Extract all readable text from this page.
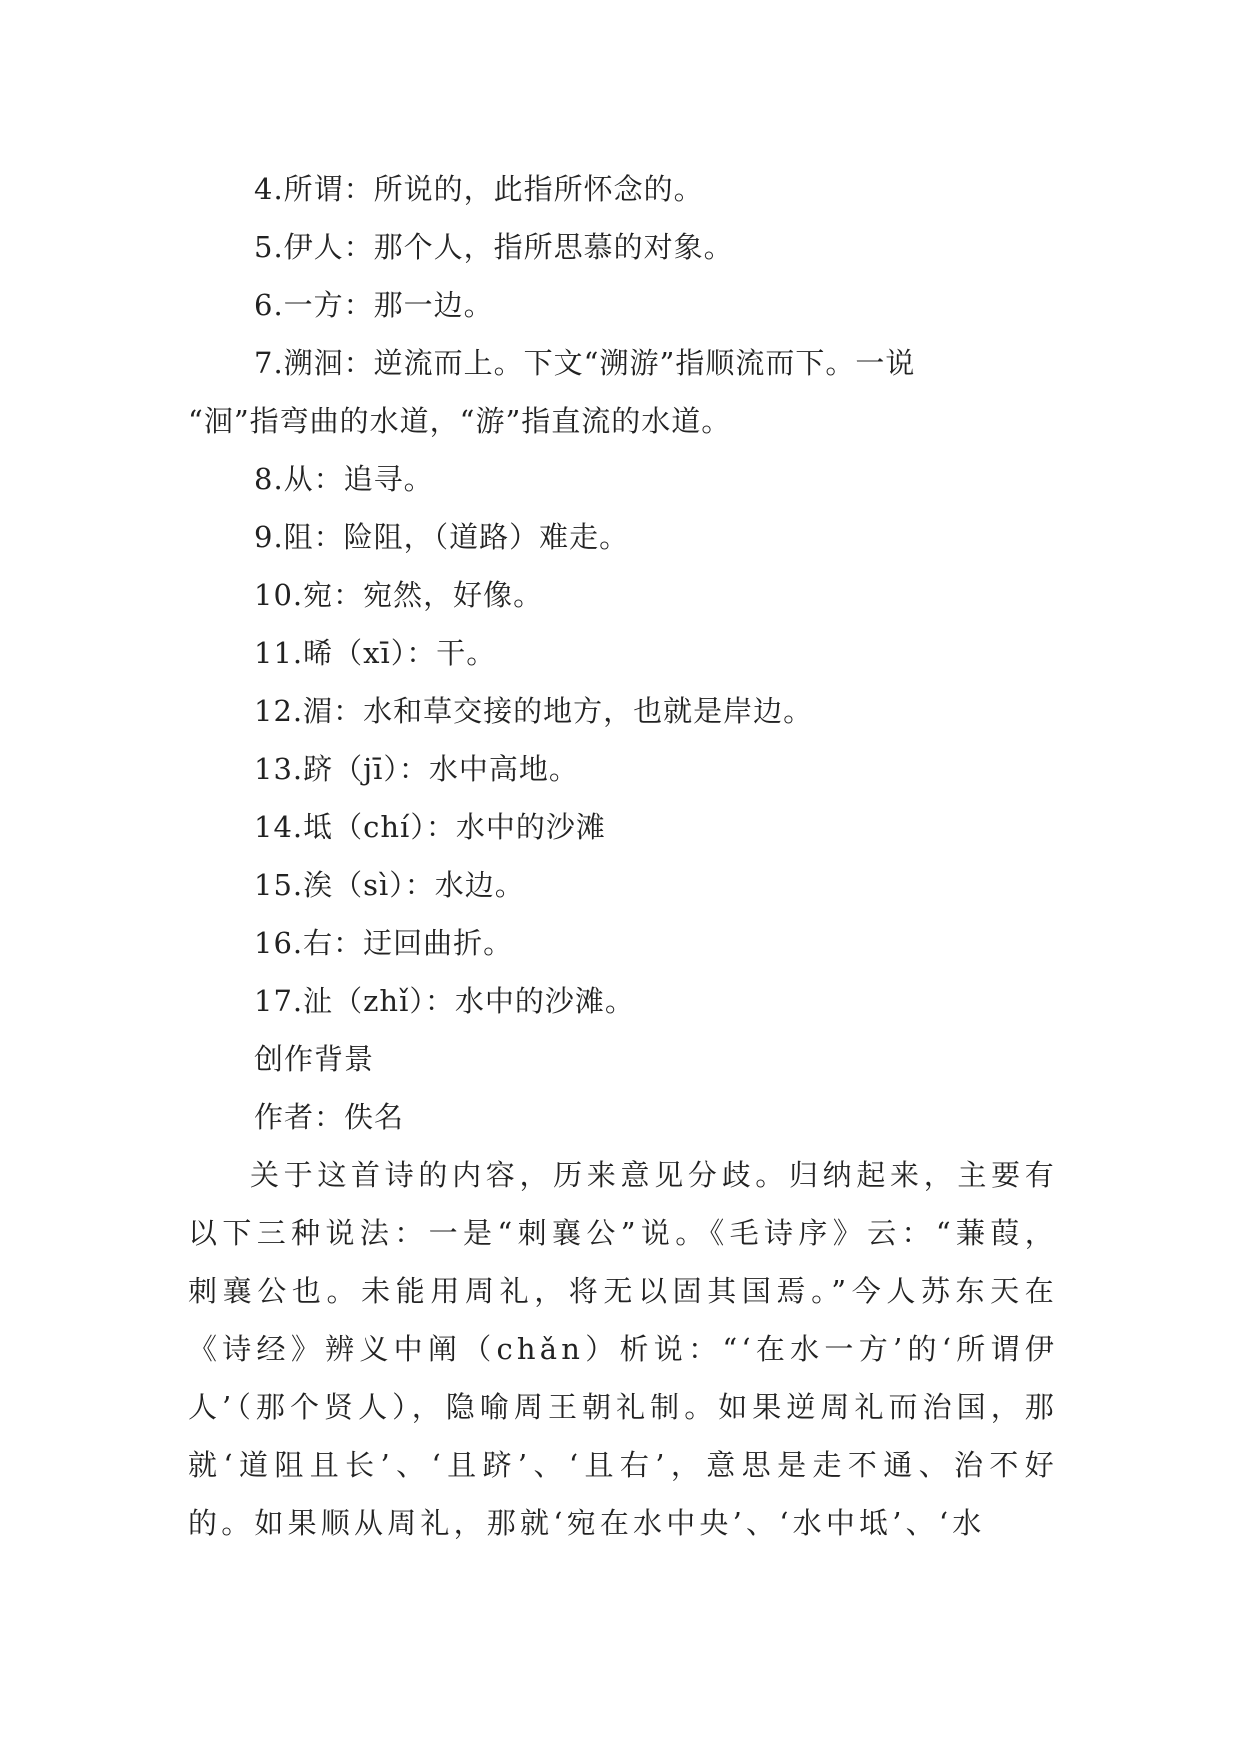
4.所谓：所说的，此指所怀念的。
5.伊人：那个人，指所思慕的对象。
6.一方：那一边。
7.溯洄：逆流而上。下文“溯游”指顺流而下。一说
“洄”指弯曲的水道，“游”指直流的水道。
8.从：追寻。
9.阻：险阻，（道路）难走。
10.宛：宛然，好像。
11.晞（xī）：干。
12.湄：水和草交接的地方，也就是岸边。
13.跻（jī）：水中高地。
14.坻（chí）：水中的沙滩
15.涘（sì）：水边。
16.右：迂回曲折。
17.沚（zhǐ）：水中的沙滩。
创作背景
作者：佚名

关于这首诗的内容，历来意见分歧。归纳起来，主要有以下三种说法：一是“刺襄公”说。《毛诗序》云：“蒹葭，刺襄公也。未能用周礼，将无以固其国焉。”今人苏东天在《诗经》辨义中阐（chǎn）析说：“‘在水一方’的‘所谓伊人’（那个贤人），隐喻周王朝礼制。如果逆周礼而治国，那就‘道阻且长’、‘且跻’、‘且右’，意思是走不通、治不好的。如果顺从周礼，那就‘宛在水中央’、‘水中坻’、‘水
